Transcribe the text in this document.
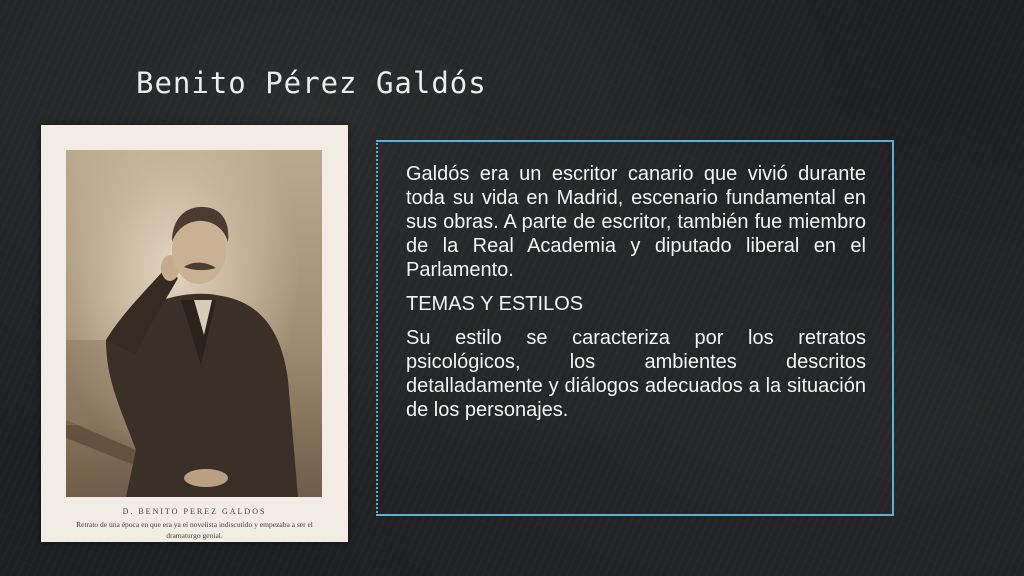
Benito Pérez Galdós
D. BENITO PEREZ GALDOS
Retrato de una época en que era ya el novelista indiscutido y empezaba a ser el dramaturgo genial.

Galdós era un escritor canario que vivió durante toda su vida en Madrid, escenario fundamental en sus obras. A parte de escritor, también fue miembro de la Real Academia y diputado liberal en el Parlamento.

TEMAS Y ESTILOS

Su estilo se caracteriza por los retratos psicológicos, los ambientes descritos detalladamente y diálogos adecuados a la situación de los personajes.
